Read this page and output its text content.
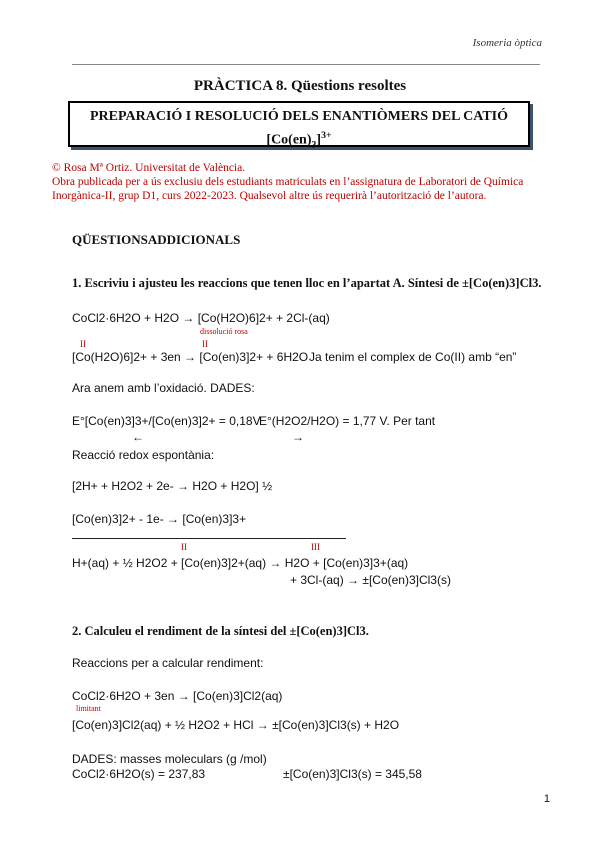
Isomeria òptica
PRÀCTICA 8. Qüestions resoltes
PREPARACIÓ I RESOLUCIÓ DELS ENANTIÒMERS DEL CATIÓ
$[Co(en)_3]^{3+}$
© Rosa Mª Ortiz. Universitat de València.
Obra publicada per a ús exclusiu dels estudiants matriculats en l’assignatura de Laboratori de Química Inorgànica-II, grup D1, curs 2022-2023. Qualsevol altre ús requerirà l’autorització de l’autora.
QÜESTIONSADDICIONALS
1. Escriviu i ajusteu les reaccions que tenen lloc en l’apartat A. Síntesi de ±[Co(en)3]Cl3.
CoCl2·6H2O + H2O → [Co(H2O)6]2+ + 2Cl-(aq)
dissolució rosa
II	II
[Co(H2O)6]2+ + 3en → [Co(en)3]2+ + 6H2O Ja tenim el complex de Co(II) amb “en”
Ara anem amb l’oxidació. DADES:
E°[Co(en)3]3+/[Co(en)3]2+ = 0,18V
E°(H2O2/H2O) = 1,77 V. Per tant
←	→
Reacció redox espontània:
[2H+ + H2O2 + 2e- → H2O + H2O] ½
[Co(en)3]2+ - 1e- → [Co(en)3]3+
II	III
H+(aq) + ½ H2O2 + [Co(en)3]2+(aq) → H2O + [Co(en)3]3+(aq)
+ 3Cl-(aq) → ±[Co(en)3]Cl3(s)
2. Calculeu el rendiment de la síntesi del ±[Co(en)3]Cl3.
Reaccions per a calcular rendiment:
CoCl2·6H2O + 3en → [Co(en)3]Cl2(aq)
limitant
[Co(en)3]Cl2(aq) + ½ H2O2 + HCl → ±[Co(en)3]Cl3(s) + H2O
DADES: masses moleculars (g /mol)
CoCl2·6H2O(s) = 237,83	±[Co(en)3]Cl3(s) = 345,58
1
